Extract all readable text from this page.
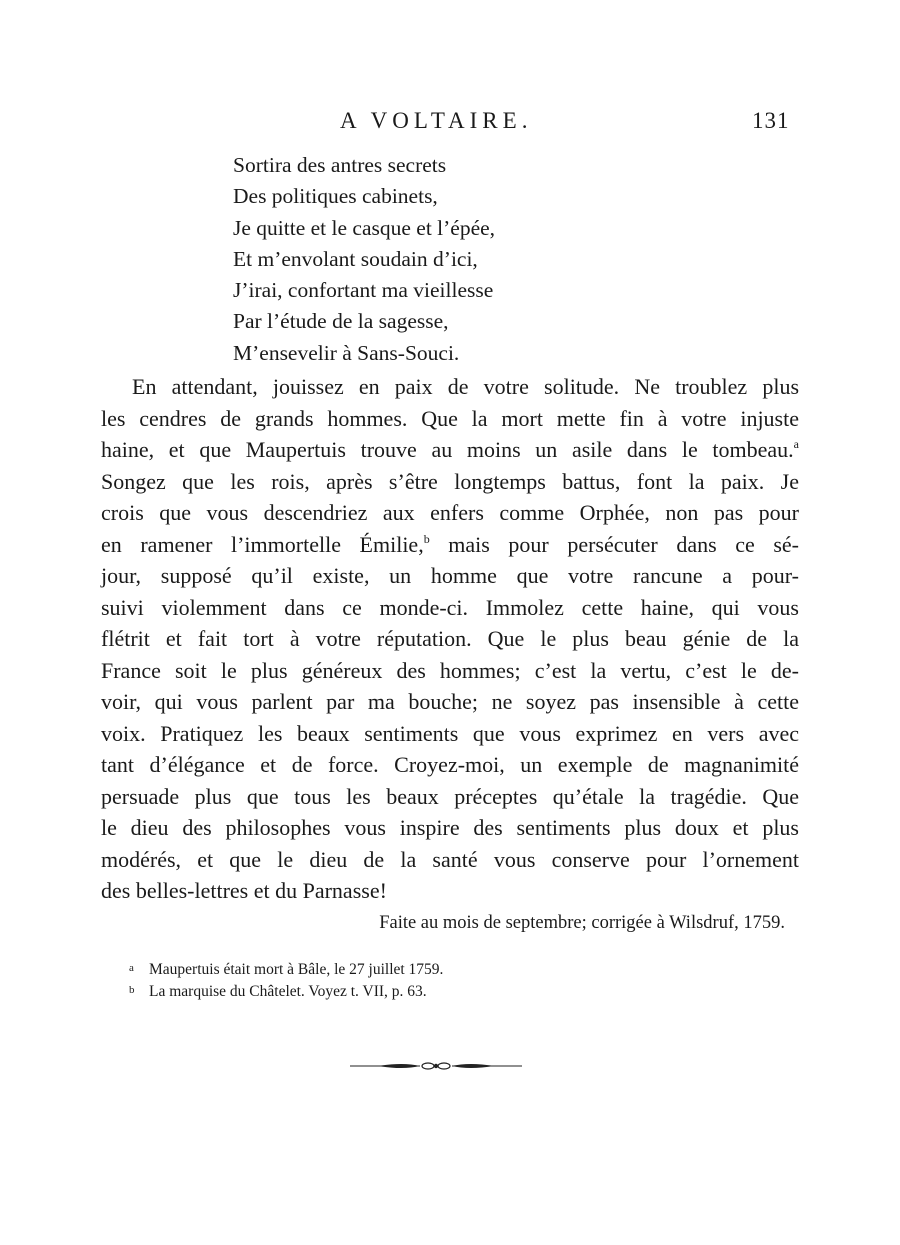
A VOLTAIRE.	131
Sortira des antres secrets
Des politiques cabinets,
Je quitte et le casque et l’épée,
Et m’envolant soudain d’ici,
J’irai, confortant ma vieillesse
Par l’étude de la sagesse,
M’ensevelir à Sans-Souci.
En attendant, jouissez en paix de votre solitude. Ne troublez plus
les cendres de grands hommes. Que la mort mette fin à votre injuste
haine, et que Maupertuis trouve au moins un asile dans le tombeau.$^a$
Songez que les rois, après s’être longtemps battus, font la paix. Je
crois que vous descendriez aux enfers comme Orphée, non pas pour
en ramener l’immortelle Émilie,$^b$ mais pour persécuter dans ce sé-
jour, supposé qu’il existe, un homme que votre rancune a pour-
suivi violemment dans ce monde-ci. Immolez cette haine, qui vous
flétrit et fait tort à votre réputation. Que le plus beau génie de la
France soit le plus généreux des hommes; c’est la vertu, c’est le de-
voir, qui vous parlent par ma bouche; ne soyez pas insensible à cette
voix. Pratiquez les beaux sentiments que vous exprimez en vers avec
tant d’élégance et de force. Croyez-moi, un exemple de magnanimité
persuade plus que tous les beaux préceptes qu’étale la tragédie. Que
le dieu des philosophes vous inspire des sentiments plus doux et plus
modérés, et que le dieu de la santé vous conserve pour l’ornement
des belles-lettres et du Parnasse!
Faite au mois de septembre; corrigée à Wilsdruf, 1759.
a Maupertuis était mort à Bâle, le 27 juillet 1759.
b La marquise du Châtelet. Voyez t. VII, p. 63.
